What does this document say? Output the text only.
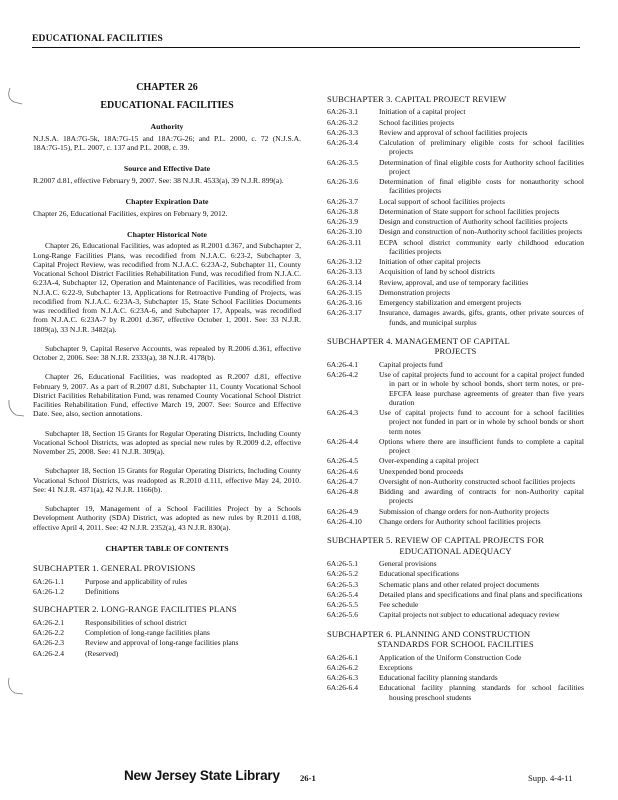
EDUCATIONAL FACILITIES
CHAPTER 26
EDUCATIONAL FACILITIES
Authority
N.J.S.A. 18A:7G-5k, 18A:7G-15 and 18A:7G-26; and P.L. 2000, c. 72 (N.J.S.A. 18A:7G-15), P.L. 2007, c. 137 and P.L. 2008, c. 39.
Source and Effective Date
R.2007 d.81, effective February 9, 2007. See: 38 N.J.R. 4533(a), 39 N.J.R. 899(a).
Chapter Expiration Date
Chapter 26, Educational Facilities, expires on February 9, 2012.
Chapter Historical Note
Chapter 26, Educational Facilities, was adopted as R.2001 d.367, and Subchapter 2, Long-Range Facilities Plans, was recodified from N.J.A.C. 6:23-2, Subchapter 3, Capital Project Review, was recodified from N.J.A.C. 6:23A-2, Subchapter 11, County Vocational School District Facilities Rehabilitation Fund, was recodified from N.J.A.C. 6:23A-4, Subchapter 12, Operation and Maintenance of Facilities, was recodified from N.J.A.C. 6:22-9, Subchapter 13, Applications for Retroactive Funding of Projects, was recodified from N.J.A.C. 6:23A-3, Subchapter 15, State School Facilities Documents was recodified from N.J.A.C. 6:23A-6, and Subchapter 17, Appeals, was recodified from N.J.A.C. 6:23A-7 by R.2001 d.367, effective October 1, 2001. See: 33 N.J.R. 1809(a), 33 N.J.R. 3482(a).
Subchapter 9, Capital Reserve Accounts, was repealed by R.2006 d.361, effective October 2, 2006. See: 38 N.J.R. 2333(a), 38 N.J.R. 4178(b).
Chapter 26, Educational Facilities, was readopted as R.2007 d.81, effective February 9, 2007. As a part of R.2007 d.81, Subchapter 11, County Vocational School District Facilities Rehabilitation Fund, was renamed County Vocational School District Facilities Rehabilitation Fund, effective March 19, 2007. See: Source and Effective Date. See, also, section annotations.
Subchapter 18, Section 15 Grants for Regular Operating Districts, Including County Vocational School Districts, was adopted as special new rules by R.2009 d.2, effective November 25, 2008. See: 41 N.J.R. 309(a).
Subchapter 18, Section 15 Grants for Regular Operating Districts, Including County Vocational School Districts, was readopted as R.2010 d.111, effective May 24, 2010. See: 41 N.J.R. 4371(a), 42 N.J.R. 1166(b).
Subchapter 19, Management of a School Facilities Project by a Schools Development Authority (SDA) District, was adopted as new rules by R.2011 d.108, effective April 4, 2011. See: 42 N.J.R. 2352(a), 43 N.J.R. 830(a).
CHAPTER TABLE OF CONTENTS
SUBCHAPTER 1. GENERAL PROVISIONS
6A:26-1.1	Purpose and applicability of rules
6A:26-1.2	Definitions
SUBCHAPTER 2. LONG-RANGE FACILITIES PLANS
6A:26-2.1	Responsibilities of school district
6A:26-2.2	Completion of long-range facilities plans
6A:26-2.3	Review and approval of long-range facilities plans
6A:26-2.4	(Reserved)
SUBCHAPTER 3. CAPITAL PROJECT REVIEW
6A:26-3.1	Initiation of a capital project
6A:26-3.2	School facilities projects
6A:26-3.3	Review and approval of school facilities projects
6A:26-3.4	Calculation of preliminary eligible costs for school facilities projects
6A:26-3.5	Determination of final eligible costs for Authority school facilities project
6A:26-3.6	Determination of final eligible costs for nonauthority school facilities projects
6A:26-3.7	Local support of school facilities projects
6A:26-3.8	Determination of State support for school facilities projects
6A:26-3.9	Design and construction of Authority school facilities projects
6A:26-3.10	Design and construction of non-Authority school facilities projects
6A:26-3.11	ECPA school district community early childhood education facilities projects
6A:26-3.12	Initiation of other capital projects
6A:26-3.13	Acquisition of land by school districts
6A:26-3.14	Review, approval, and use of temporary facilities
6A:26-3.15	Demonstration projects
6A:26-3.16	Emergency stabilization and emergent projects
6A:26-3.17	Insurance, damages awards, gifts, grants, other private sources of funds, and municipal surplus
SUBCHAPTER 4. MANAGEMENT OF CAPITAL
PROJECTS
6A:26-4.1	Capital projects fund
6A:26-4.2	Use of capital projects fund to account for a capital project funded in part or in whole by school bonds, short term notes, or pre-EFCFA lease purchase agreements of greater than five years duration
6A:26-4.3	Use of capital projects fund to account for a school facilities project not funded in part or in whole by school bonds or short term notes
6A:26-4.4	Options where there are insufficient funds to complete a capital project
6A:26-4.5	Over-expending a capital project
6A:26-4.6	Unexpended bond proceeds
6A:26-4.7	Oversight of non-Authority constructed school facilities projects
6A:26-4.8	Bidding and awarding of contracts for non-Authority capital projects
6A:26-4.9	Submission of change orders for non-Authority projects
6A:26-4.10	Change orders for Authority school facilities projects
SUBCHAPTER 5. REVIEW OF CAPITAL PROJECTS FOR
EDUCATIONAL ADEQUACY
6A:26-5.1	General provisions
6A:26-5.2	Educational specifications
6A:26-5.3	Schematic plans and other related project documents
6A:26-5.4	Detailed plans and specifications and final plans and specifications
6A:26-5.5	Fee schedule
6A:26-5.6	Capital projects not subject to educational adequacy review
SUBCHAPTER 6. PLANNING AND CONSTRUCTION
STANDARDS FOR SCHOOL FACILITIES
6A:26-6.1	Application of the Uniform Construction Code
6A:26-6.2	Exceptions
6A:26-6.3	Educational facility planning standards
6A:26-6.4	Educational facility planning standards for school facilities housing preschool students
New Jersey State Library 26-1	Supp. 4-4-11
